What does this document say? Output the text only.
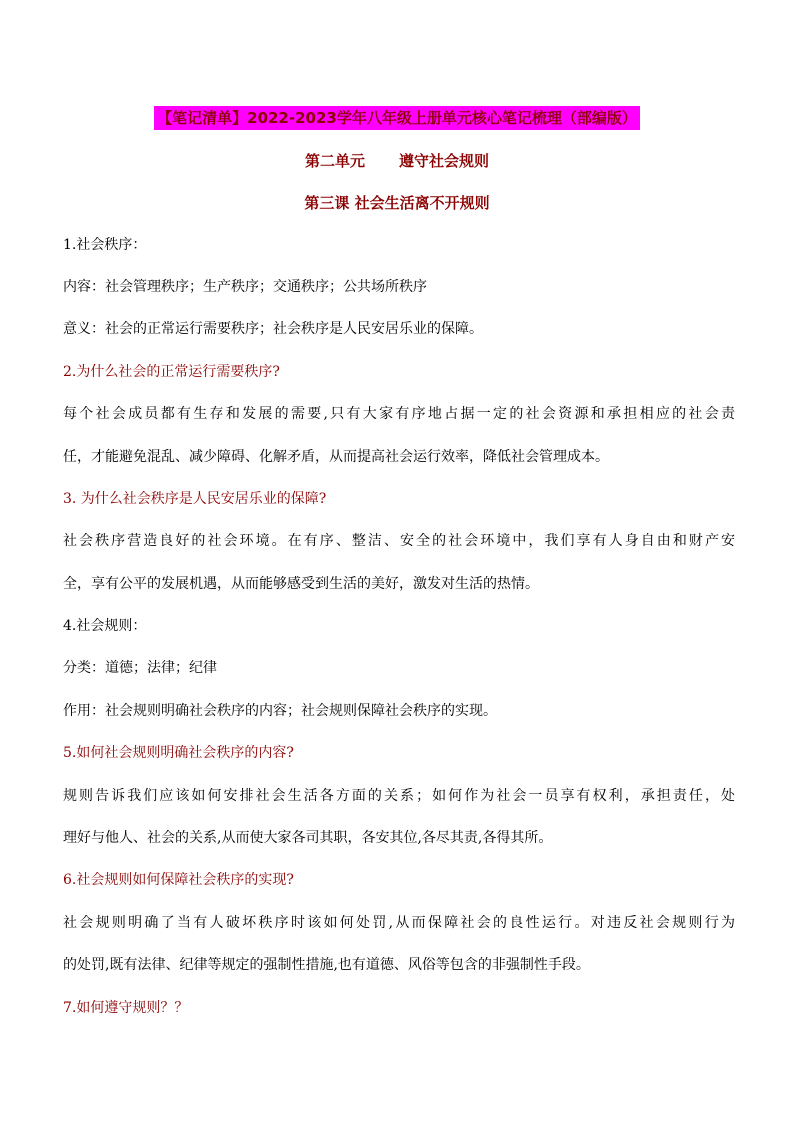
【笔记清单】2022-2023学年八年级上册单元核心笔记梳理（部编版）
第二单元 遵守社会规则
第三课 社会生活离不开规则
1.社会秩序：
内容：社会管理秩序；生产秩序；交通秩序；公共场所秩序
意义：社会的正常运行需要秩序；社会秩序是人民安居乐业的保障。
2.为什么社会的正常运行需要秩序?
每个社会成员都有生存和发展的需要,只有大家有序地占据一定的社会资源和承担相应的社会责
任，才能避免混乱、减少障碍、化解矛盾，从而提高社会运行效率，降低社会管理成本。
3. 为什么社会秩序是人民安居乐业的保障?
社会秩序营造良好的社会环境。在有序、整洁、安全的社会环境中，我们享有人身自由和财产安
全，享有公平的发展机遇，从而能够感受到生活的美好，激发对生活的热情。
4.社会规则：
分类：道德；法律；纪律
作用：社会规则明确社会秩序的内容；社会规则保障社会秩序的实现。
5.如何社会规则明确社会秩序的内容?
规则告诉我们应该如何安排社会生活各方面的关系；如何作为社会一员享有权利，承担责任，处
理好与他人、社会的关系,从而使大家各司其职，各安其位,各尽其责,各得其所。
6.社会规则如何保障社会秩序的实现?
社会规则明确了当有人破坏秩序时该如何处罚,从而保障社会的良性运行。对违反社会规则行为
的处罚,既有法律、纪律等规定的强制性措施,也有道德、风俗等包含的非强制性手段。
7.如何遵守规则？？
